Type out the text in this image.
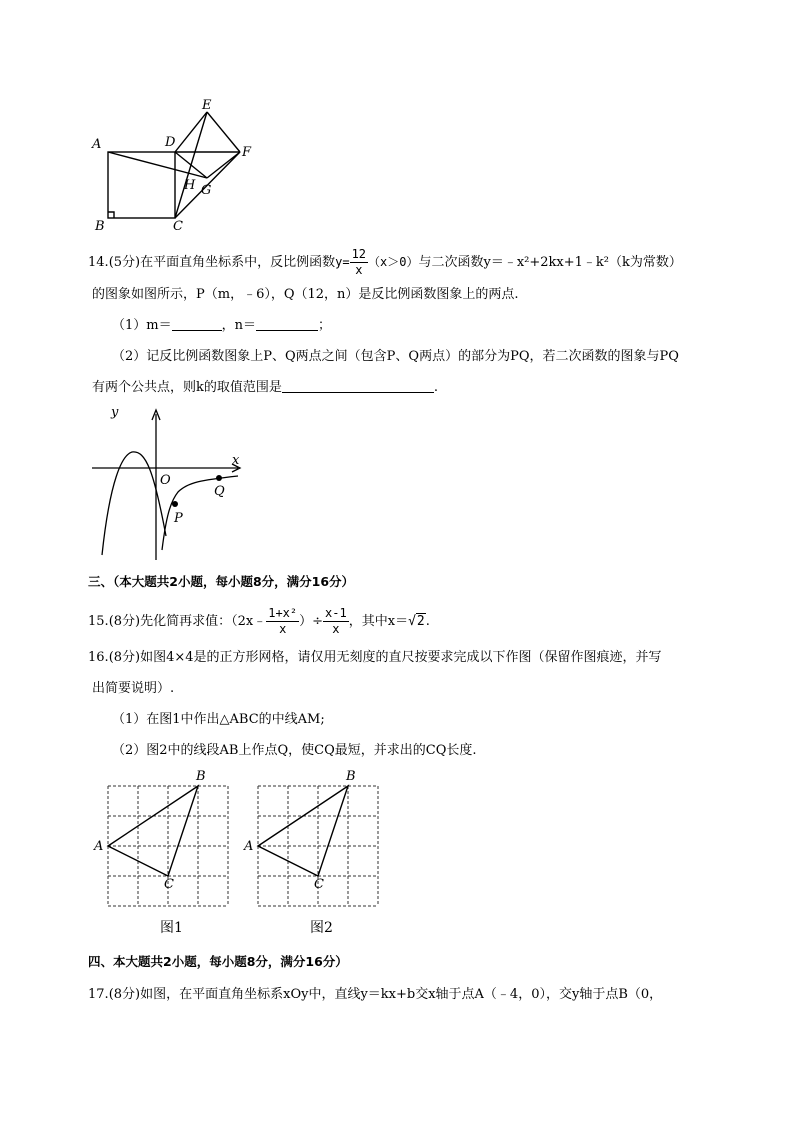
A
B	C
D
E
F
G
H
14.(5分)在平面直角坐标系中，反比例函数$y= \frac{12}{x} (x>0)$与二次函数y＝﹣x²+2kx+1﹣k²（k为常数）
的图象如图所示，P（m，﹣6），Q（12，n）是反比例函数图象上的两点.
（1）m＝	，n＝	；
（2）记反比例函数图象上P、Q两点之间（包含P、Q两点）的部分为PQ，若二次函数的图象与PQ
有两个公共点，则k的取值范围是	.
y
x
O
P
Q
三、（本大题共2小题，每小题8分，满分16分）
15.(8分)先化简再求值：（2x﹣ $\frac{\text{1+x²}}{x}$ ）÷ $\frac{x-1}{x}$ ，其中x＝√2.
16.(8分)如图4×4是的正方形网格，请仅用无刻度的直尺按要求完成以下作图（保留作图痕迹，并写
出简要说明）.
（1）在图1中作出△ABC的中线AM;
（2）图2中的线段AB上作点Q，使CQ最短，并求出的CQ长度.
A
B
C
A
B
C
图1	图2
四、本大题共2小题，每小题8分，满分16分）
17.(8分)如图，在平面直角坐标系xOy中，直线y＝kx+b交x轴于点A（﹣4，0），交y轴于点B（0，
